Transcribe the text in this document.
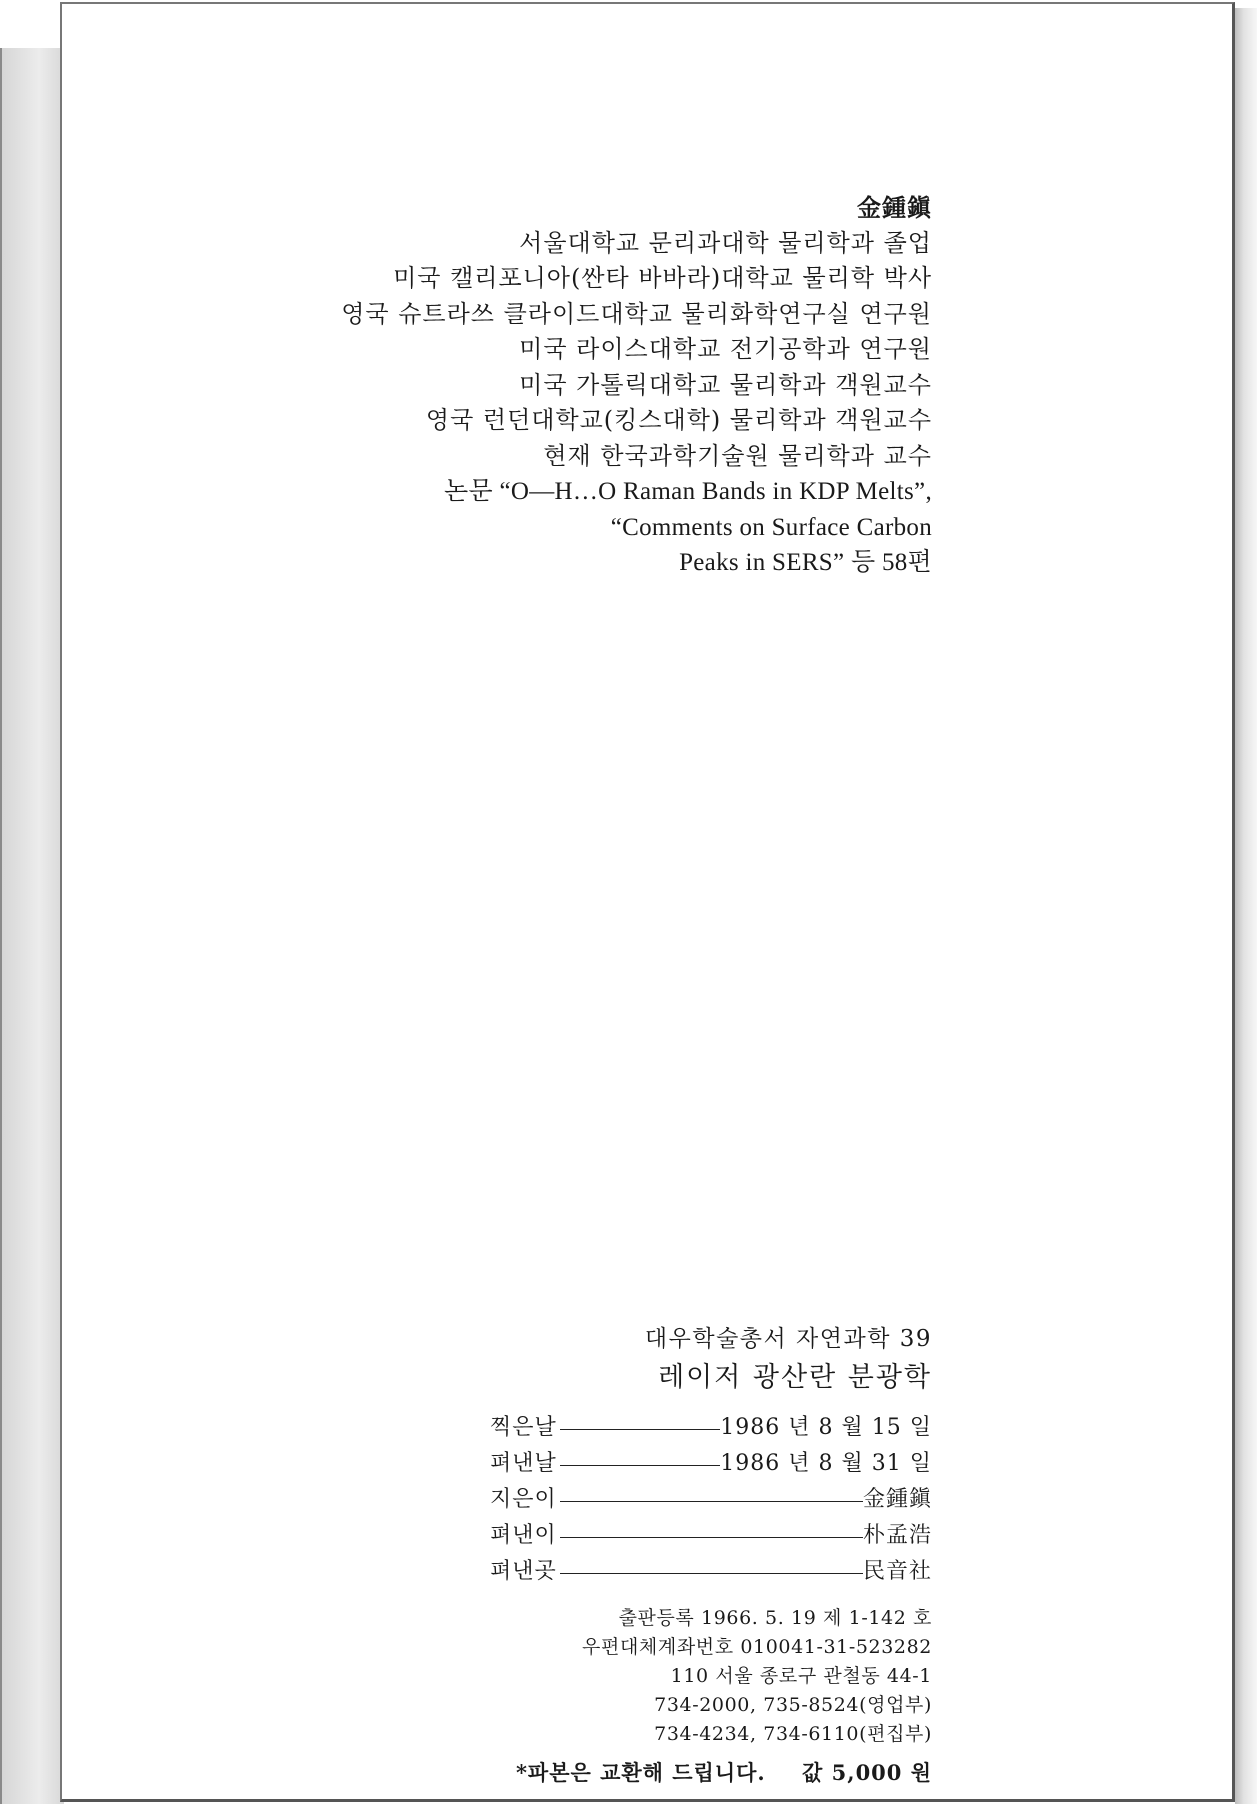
金鍾鎭
서울대학교 문리과대학 물리학과 졸업
미국 캘리포니아(싼타 바바라)대학교 물리학 박사
영국 슈트라쓰 클라이드대학교 물리화학연구실 연구원
미국 라이스대학교 전기공학과 연구원
미국 가톨릭대학교 물리학과 객원교수
영국 런던대학교(킹스대학) 물리학과 객원교수
현재 한국과학기술원 물리학과 교수
논문 “O—H…O Raman Bands in KDP Melts”,
“Comments on Surface Carbon
Peaks in SERS” 등 58편
대우학술총서 자연과학 39
레이저 광산란 분광학
찍은날	1986 년 8 월 15 일
펴낸날	1986 년 8 월 31 일
지은이	金鍾鎭
펴낸이	朴孟浩
펴낸곳	民音社
출판등록 1966. 5. 19 제 1-142 호
우편대체계좌번호 010041-31-523282
110 서울 종로구 관철동 44-1
734-2000, 735-8524(영업부)
734-4234, 734-6110(편집부)
*파본은 교환해 드립니다. 값 5,000 원
